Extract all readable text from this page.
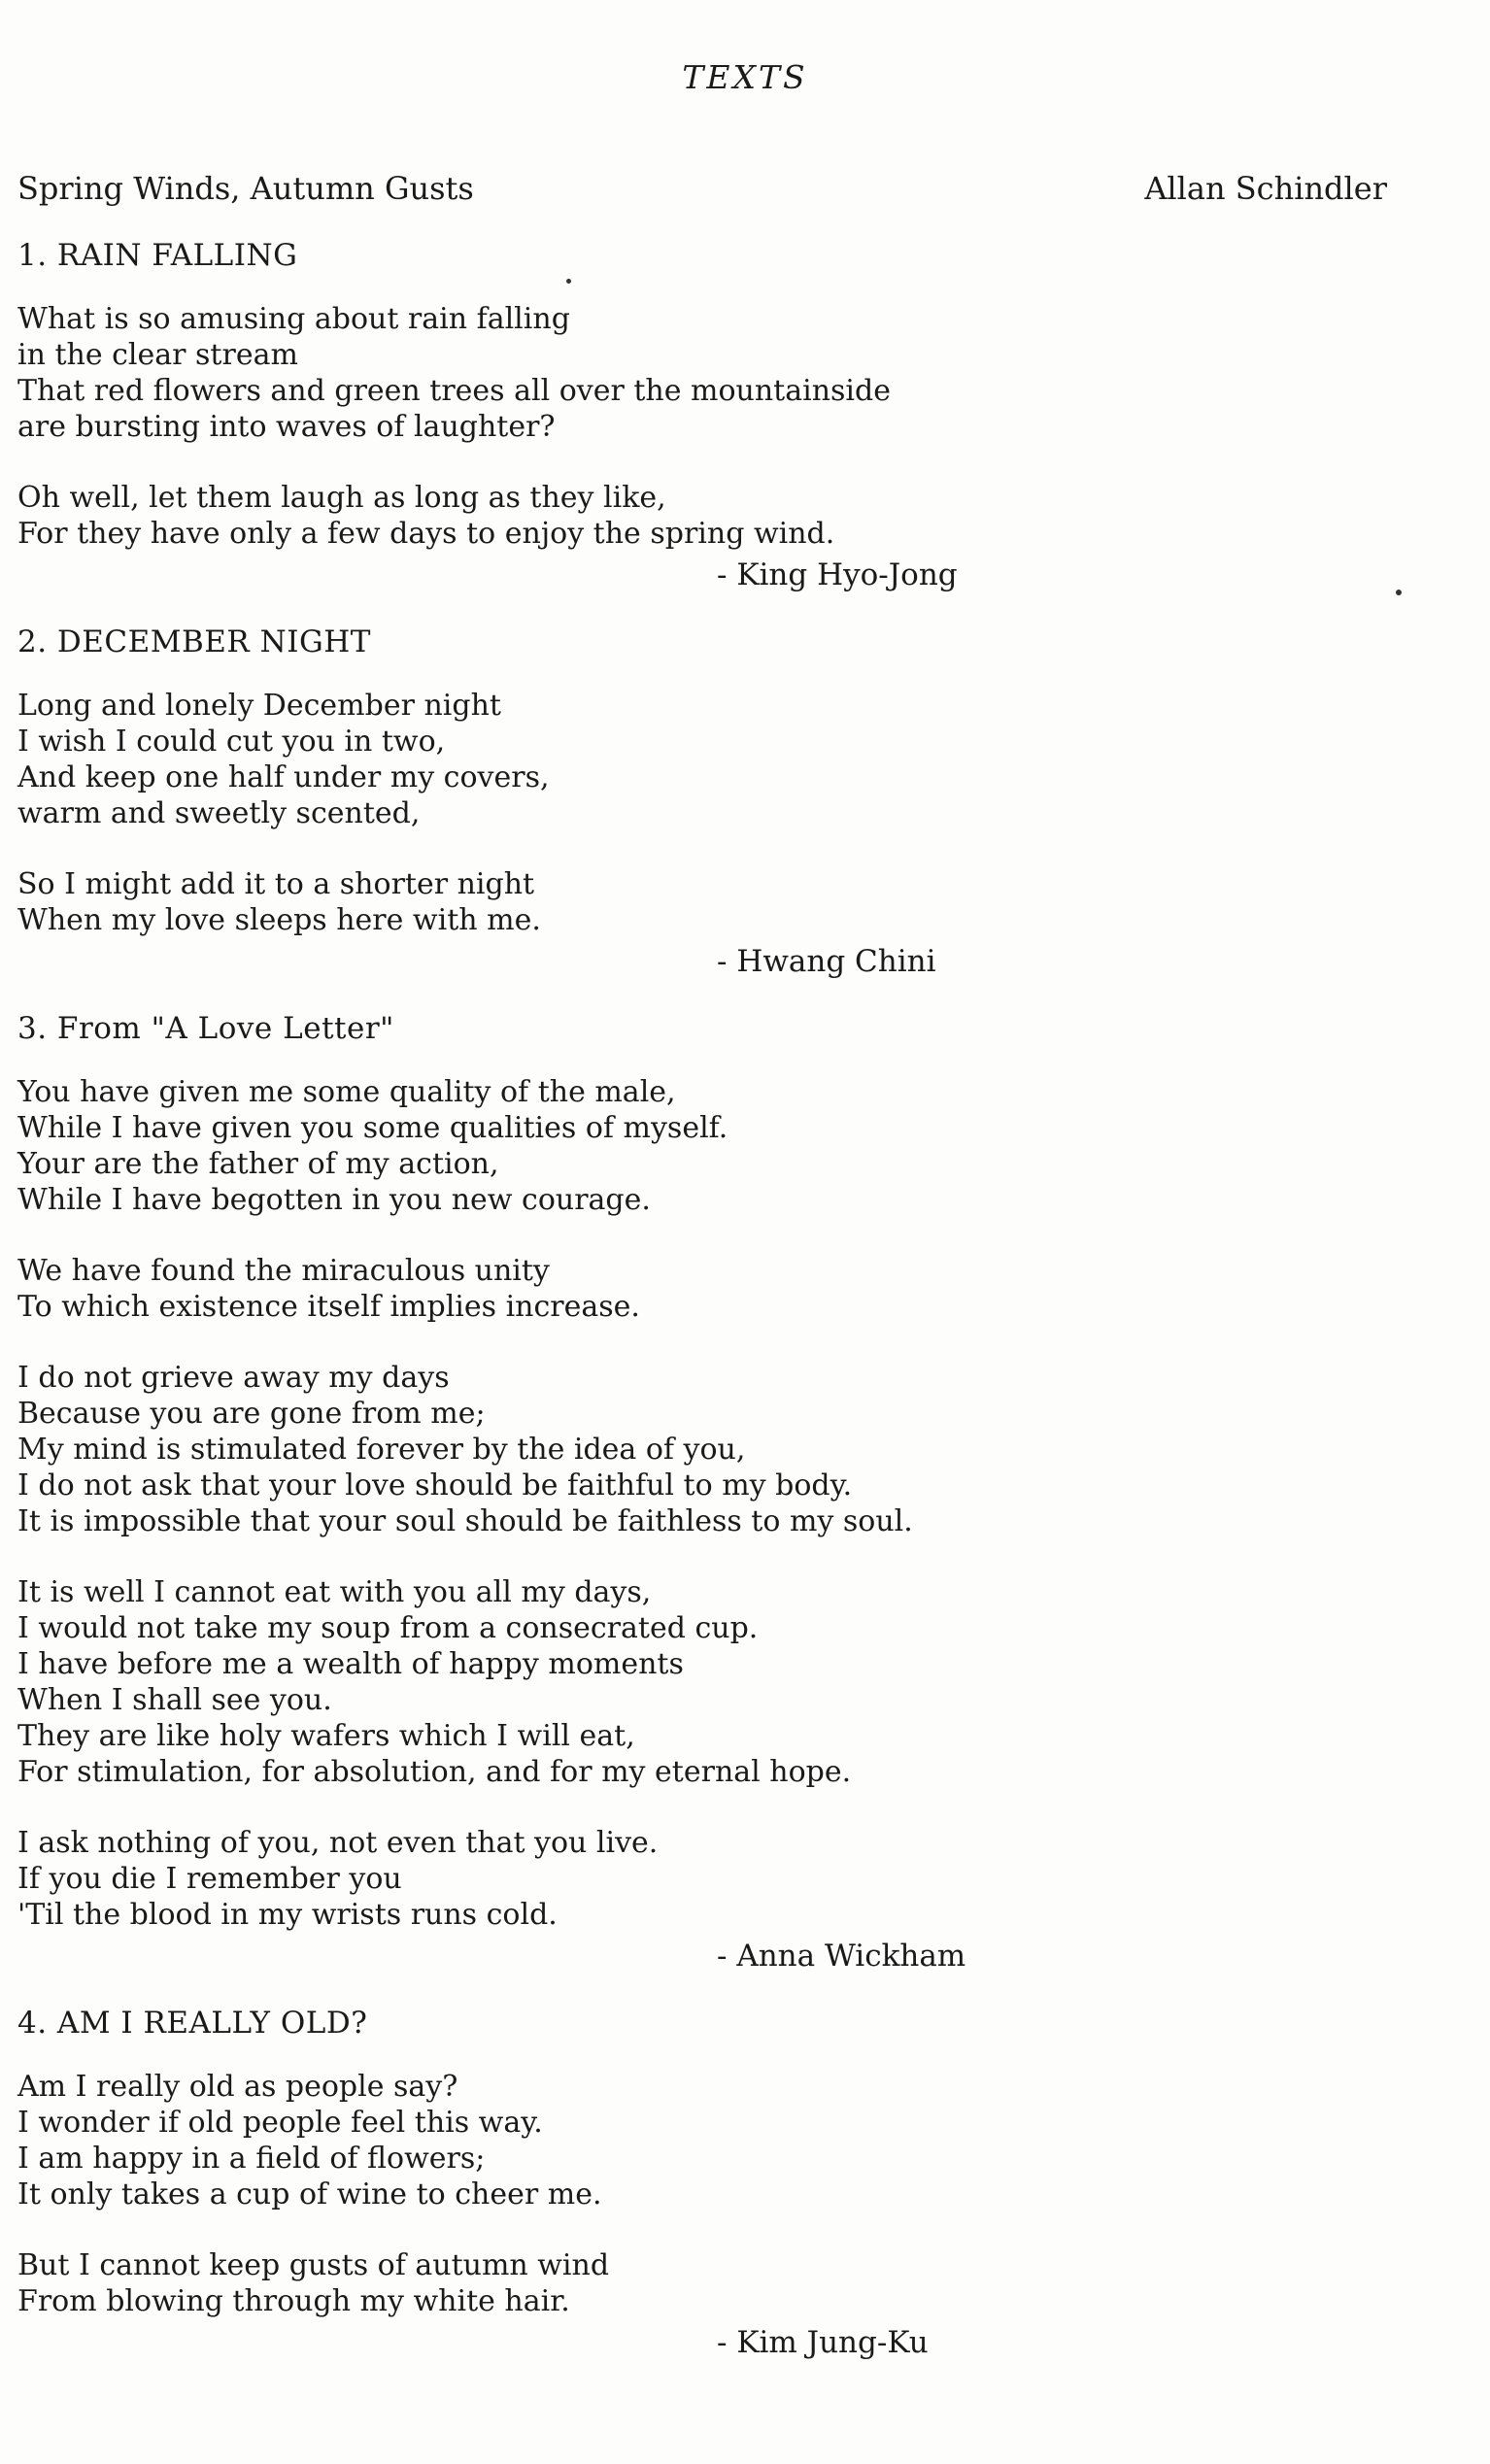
TEXTS
Spring Winds, Autumn Gusts	Allan Schindler
1. RAIN FALLING
What is so amusing about rain falling
in the clear stream
That red flowers and green trees all over the mountainside
are bursting into waves of laughter?
Oh well, let them laugh as long as they like,
For they have only a few days to enjoy the spring wind.
- King Hyo-Jong
2. DECEMBER NIGHT
Long and lonely December night
I wish I could cut you in two,
And keep one half under my covers,
warm and sweetly scented,
So I might add it to a shorter night
When my love sleeps here with me.
- Hwang Chini
3. From "A Love Letter"
You have given me some quality of the male,
While I have given you some qualities of myself.
Your are the father of my action,
While I have begotten in you new courage.
We have found the miraculous unity
To which existence itself implies increase.
I do not grieve away my days
Because you are gone from me;
My mind is stimulated forever by the idea of you,
I do not ask that your love should be faithful to my body.
It is impossible that your soul should be faithless to my soul.
It is well I cannot eat with you all my days,
I would not take my soup from a consecrated cup.
I have before me a wealth of happy moments
When I shall see you.
They are like holy wafers which I will eat,
For stimulation, for absolution, and for my eternal hope.
I ask nothing of you, not even that you live.
If you die I remember you
'Til the blood in my wrists runs cold.
- Anna Wickham
4. AM I REALLY OLD?
Am I really old as people say?
I wonder if old people feel this way.
I am happy in a field of flowers;
It only takes a cup of wine to cheer me.
But I cannot keep gusts of autumn wind
From blowing through my white hair.
- Kim Jung-Ku
